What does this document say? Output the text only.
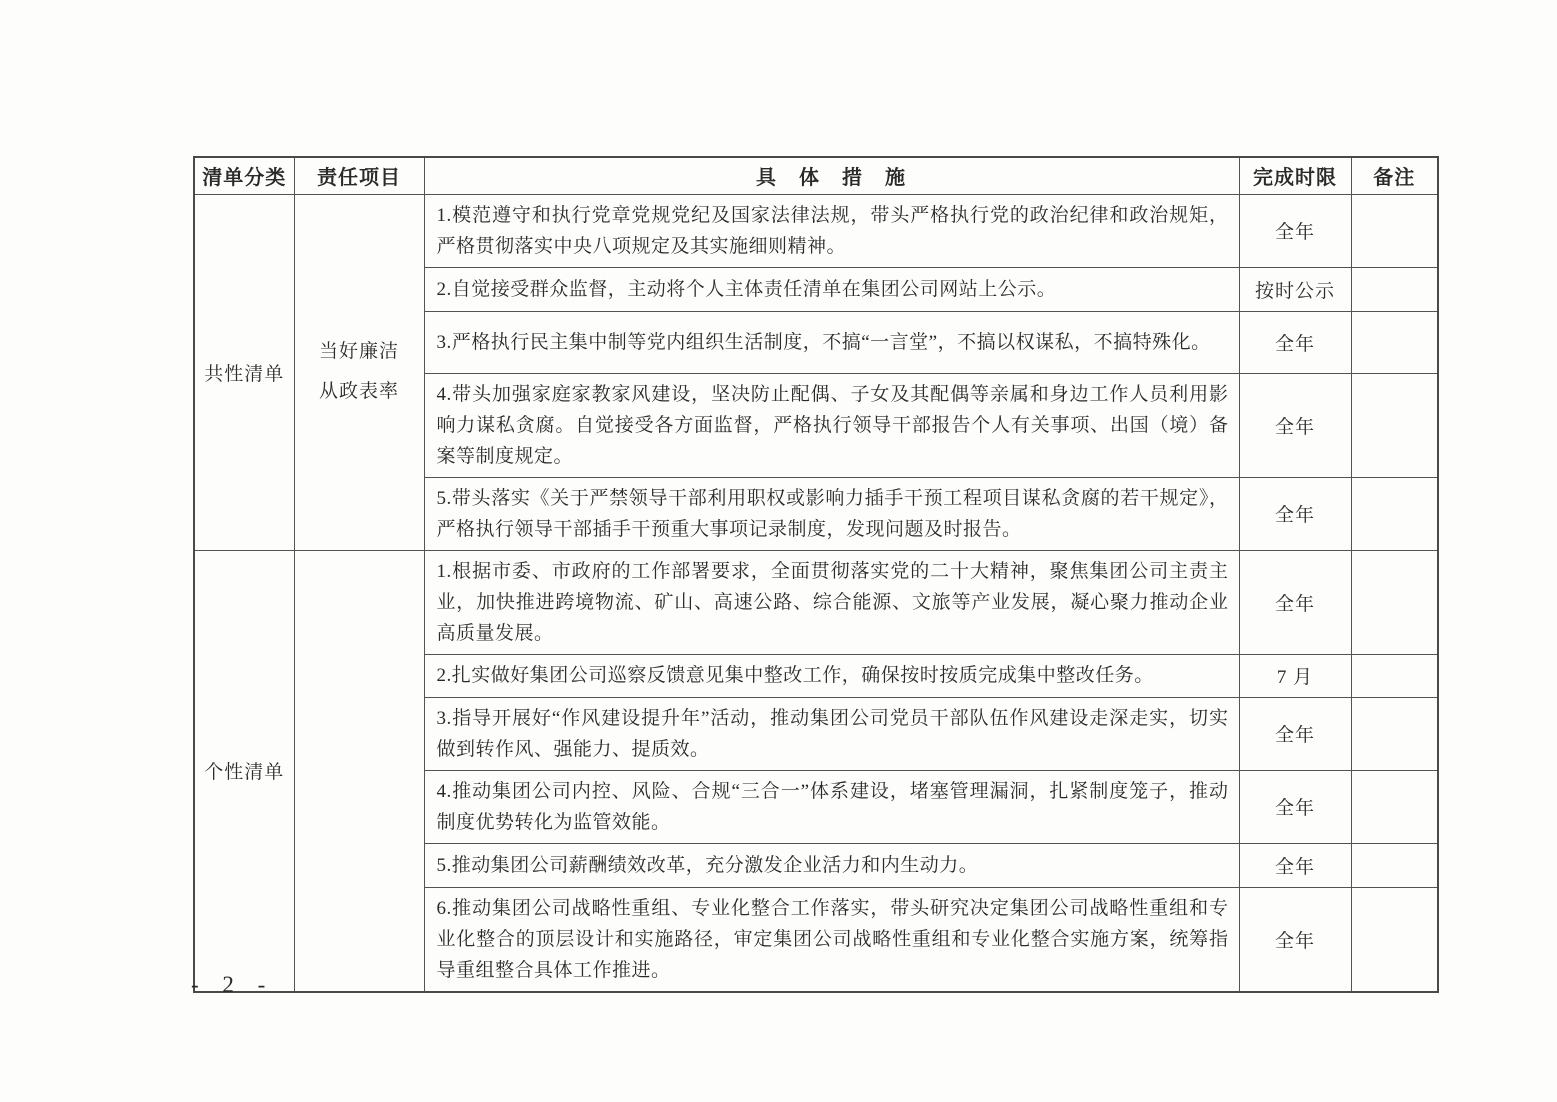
清单分类	责任项目	具 体 措 施	完成时限	备注
共性清单	当好廉洁从政表率	1.模范遵守和执行党章党规党纪及国家法律法规，带头严格执行党的政治纪律和政治规矩，严格贯彻落实中央八项规定及其实施细则精神。	全年	
		2.自觉接受群众监督，主动将个人主体责任清单在集团公司网站上公示。	按时公示	
		3.严格执行民主集中制等党内组织生活制度，不搞“一言堂”，不搞以权谋私，不搞特殊化。	全年	
		4.带头加强家庭家教家风建设，坚决防止配偶、子女及其配偶等亲属和身边工作人员利用影响力谋私贪腐。自觉接受各方面监督，严格执行领导干部报告个人有关事项、出国（境）备案等制度规定。	全年	
		5.带头落实《关于严禁领导干部利用职权或影响力插手干预工程项目谋私贪腐的若干规定》，严格执行领导干部插手干预重大事项记录制度，发现问题及时报告。	全年	
个性清单		1.根据市委、市政府的工作部署要求，全面贯彻落实党的二十大精神，聚焦集团公司主责主业，加快推进跨境物流、矿山、高速公路、综合能源、文旅等产业发展，凝心聚力推动企业高质量发展。	全年	
		2.扎实做好集团公司巡察反馈意见集中整改工作，确保按时按质完成集中整改任务。	7 月	
		3.指导开展好“作风建设提升年”活动，推动集团公司党员干部队伍作风建设走深走实，切实做到转作风、强能力、提质效。	全年	
		4.推动集团公司内控、风险、合规“三合一”体系建设，堵塞管理漏洞，扎紧制度笼子，推动制度优势转化为监管效能。	全年	
		5.推动集团公司薪酬绩效改革，充分激发企业活力和内生动力。	全年	
		6.推动集团公司战略性重组、专业化整合工作落实，带头研究决定集团公司战略性重组和专业化整合的顶层设计和实施路径，审定集团公司战略性重组和专业化整合实施方案，统筹指导重组整合具体工作推进。	全年	
- 2 -
